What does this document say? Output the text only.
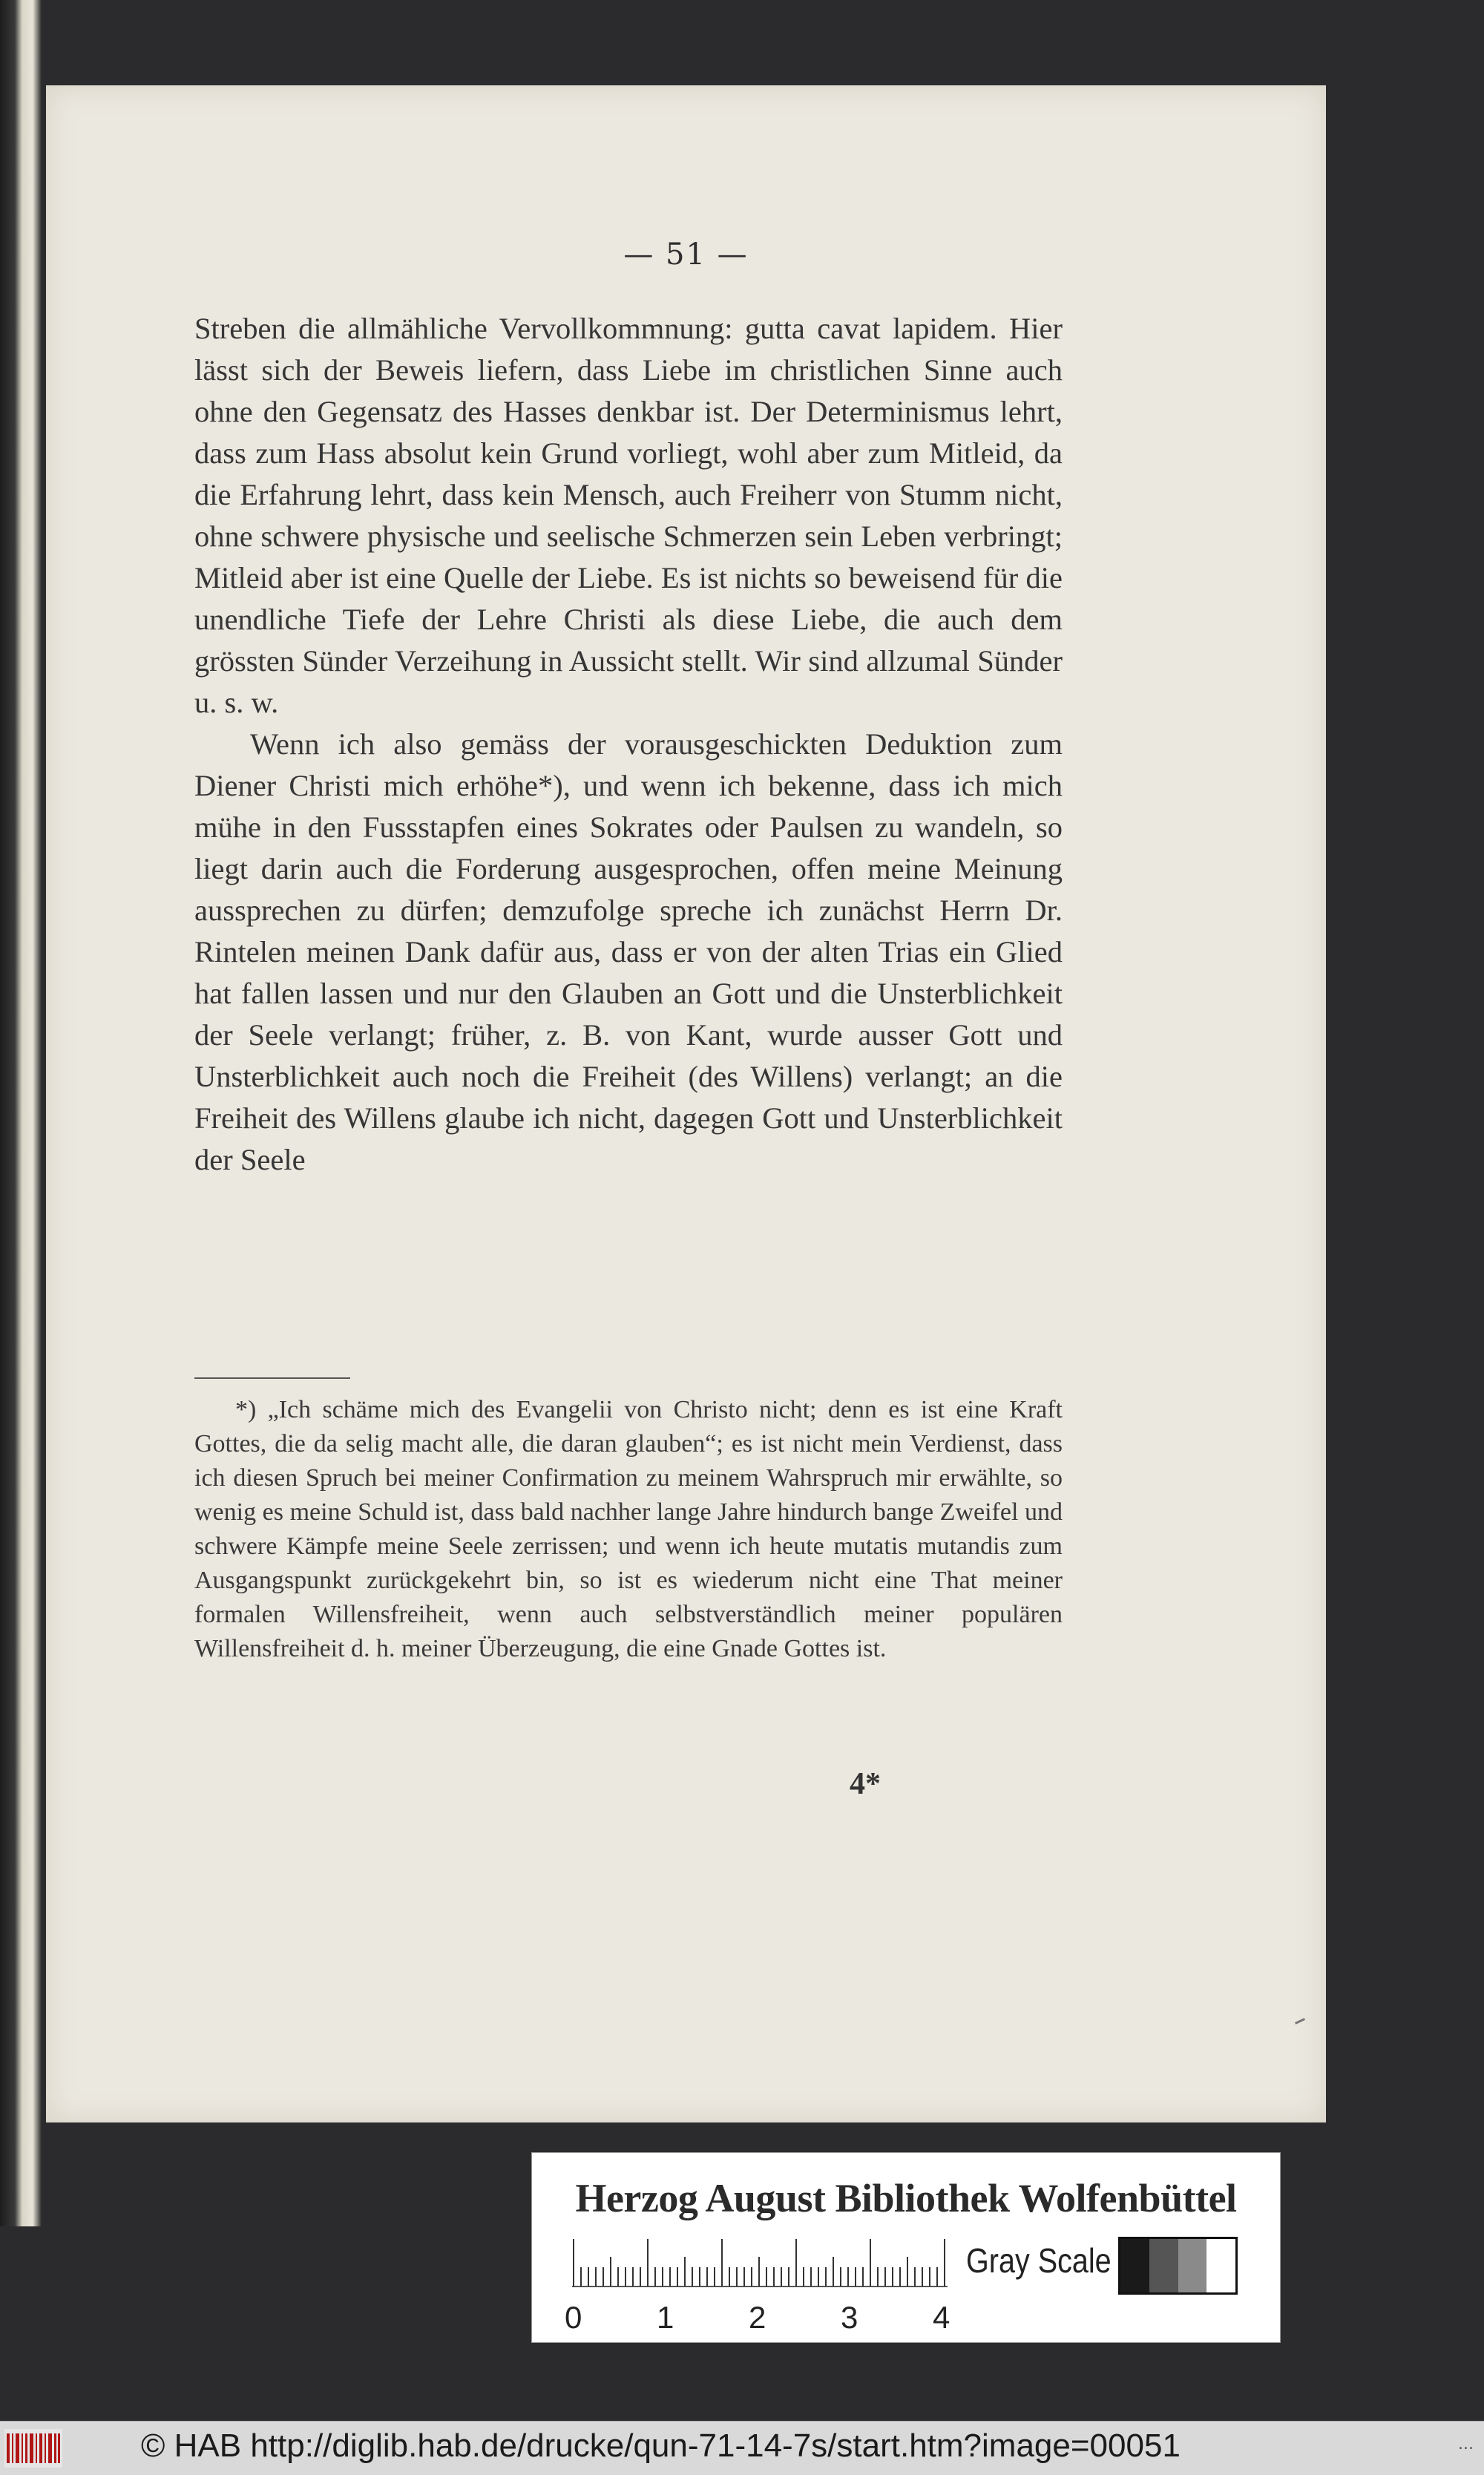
— 51 —

Streben die allmähliche Vervollkommnung: gutta cavat lapidem. Hier lässt sich der Beweis liefern, dass Liebe im christlichen Sinne auch ohne den Gegensatz des Hasses denkbar ist. Der Determinismus lehrt, dass zum Hass absolut kein Grund vorliegt, wohl aber zum Mitleid, da die Erfahrung lehrt, dass kein Mensch, auch Freiherr von Stumm nicht, ohne schwere physische und seelische Schmerzen sein Leben verbringt; Mitleid aber ist eine Quelle der Liebe. Es ist nichts so beweisend für die unendliche Tiefe der Lehre Christi als diese Liebe, die auch dem grössten Sünder Verzeihung in Aussicht stellt. Wir sind allzumal Sünder u. s. w.

Wenn ich also gemäss der vorausgeschickten Deduktion zum Diener Christi mich erhöhe*), und wenn ich bekenne, dass ich mich mühe in den Fussstapfen eines Sokrates oder Paulsen zu wandeln, so liegt darin auch die Forderung ausgesprochen, offen meine Meinung aussprechen zu dürfen; demzufolge spreche ich zunächst Herrn Dr. Rintelen meinen Dank dafür aus, dass er von der alten Trias ein Glied hat fallen lassen und nur den Glauben an Gott und die Unsterblichkeit der Seele verlangt; früher, z. B. von Kant, wurde ausser Gott und Unsterblichkeit auch noch die Freiheit (des Willens) verlangt; an die Freiheit des Willens glaube ich nicht, dagegen Gott und Unsterblichkeit der Seele

*) „Ich schäme mich des Evangelii von Christo nicht; denn es ist eine Kraft Gottes, die da selig macht alle, die daran glauben“; es ist nicht mein Verdienst, dass ich diesen Spruch bei meiner Confirmation zu meinem Wahrspruch mir erwählte, so wenig es meine Schuld ist, dass bald nachher lange Jahre hindurch bange Zweifel und schwere Kämpfe meine Seele zerrissen; und wenn ich heute mutatis mutandis zum Ausgangspunkt zurückgekehrt bin, so ist es wiederum nicht eine That meiner formalen Willensfreiheit, wenn auch selbstverständlich meiner populären Willensfreiheit d. h. meiner Überzeugung, die eine Gnade Gottes ist.

4*
Herzog August Bibliothek Wolfenbüttel
0 1 2 3 4
Gray Scale
© HAB http://diglib.hab.de/drucke/qun-71-14-7s/start.htm?image=00051	...
